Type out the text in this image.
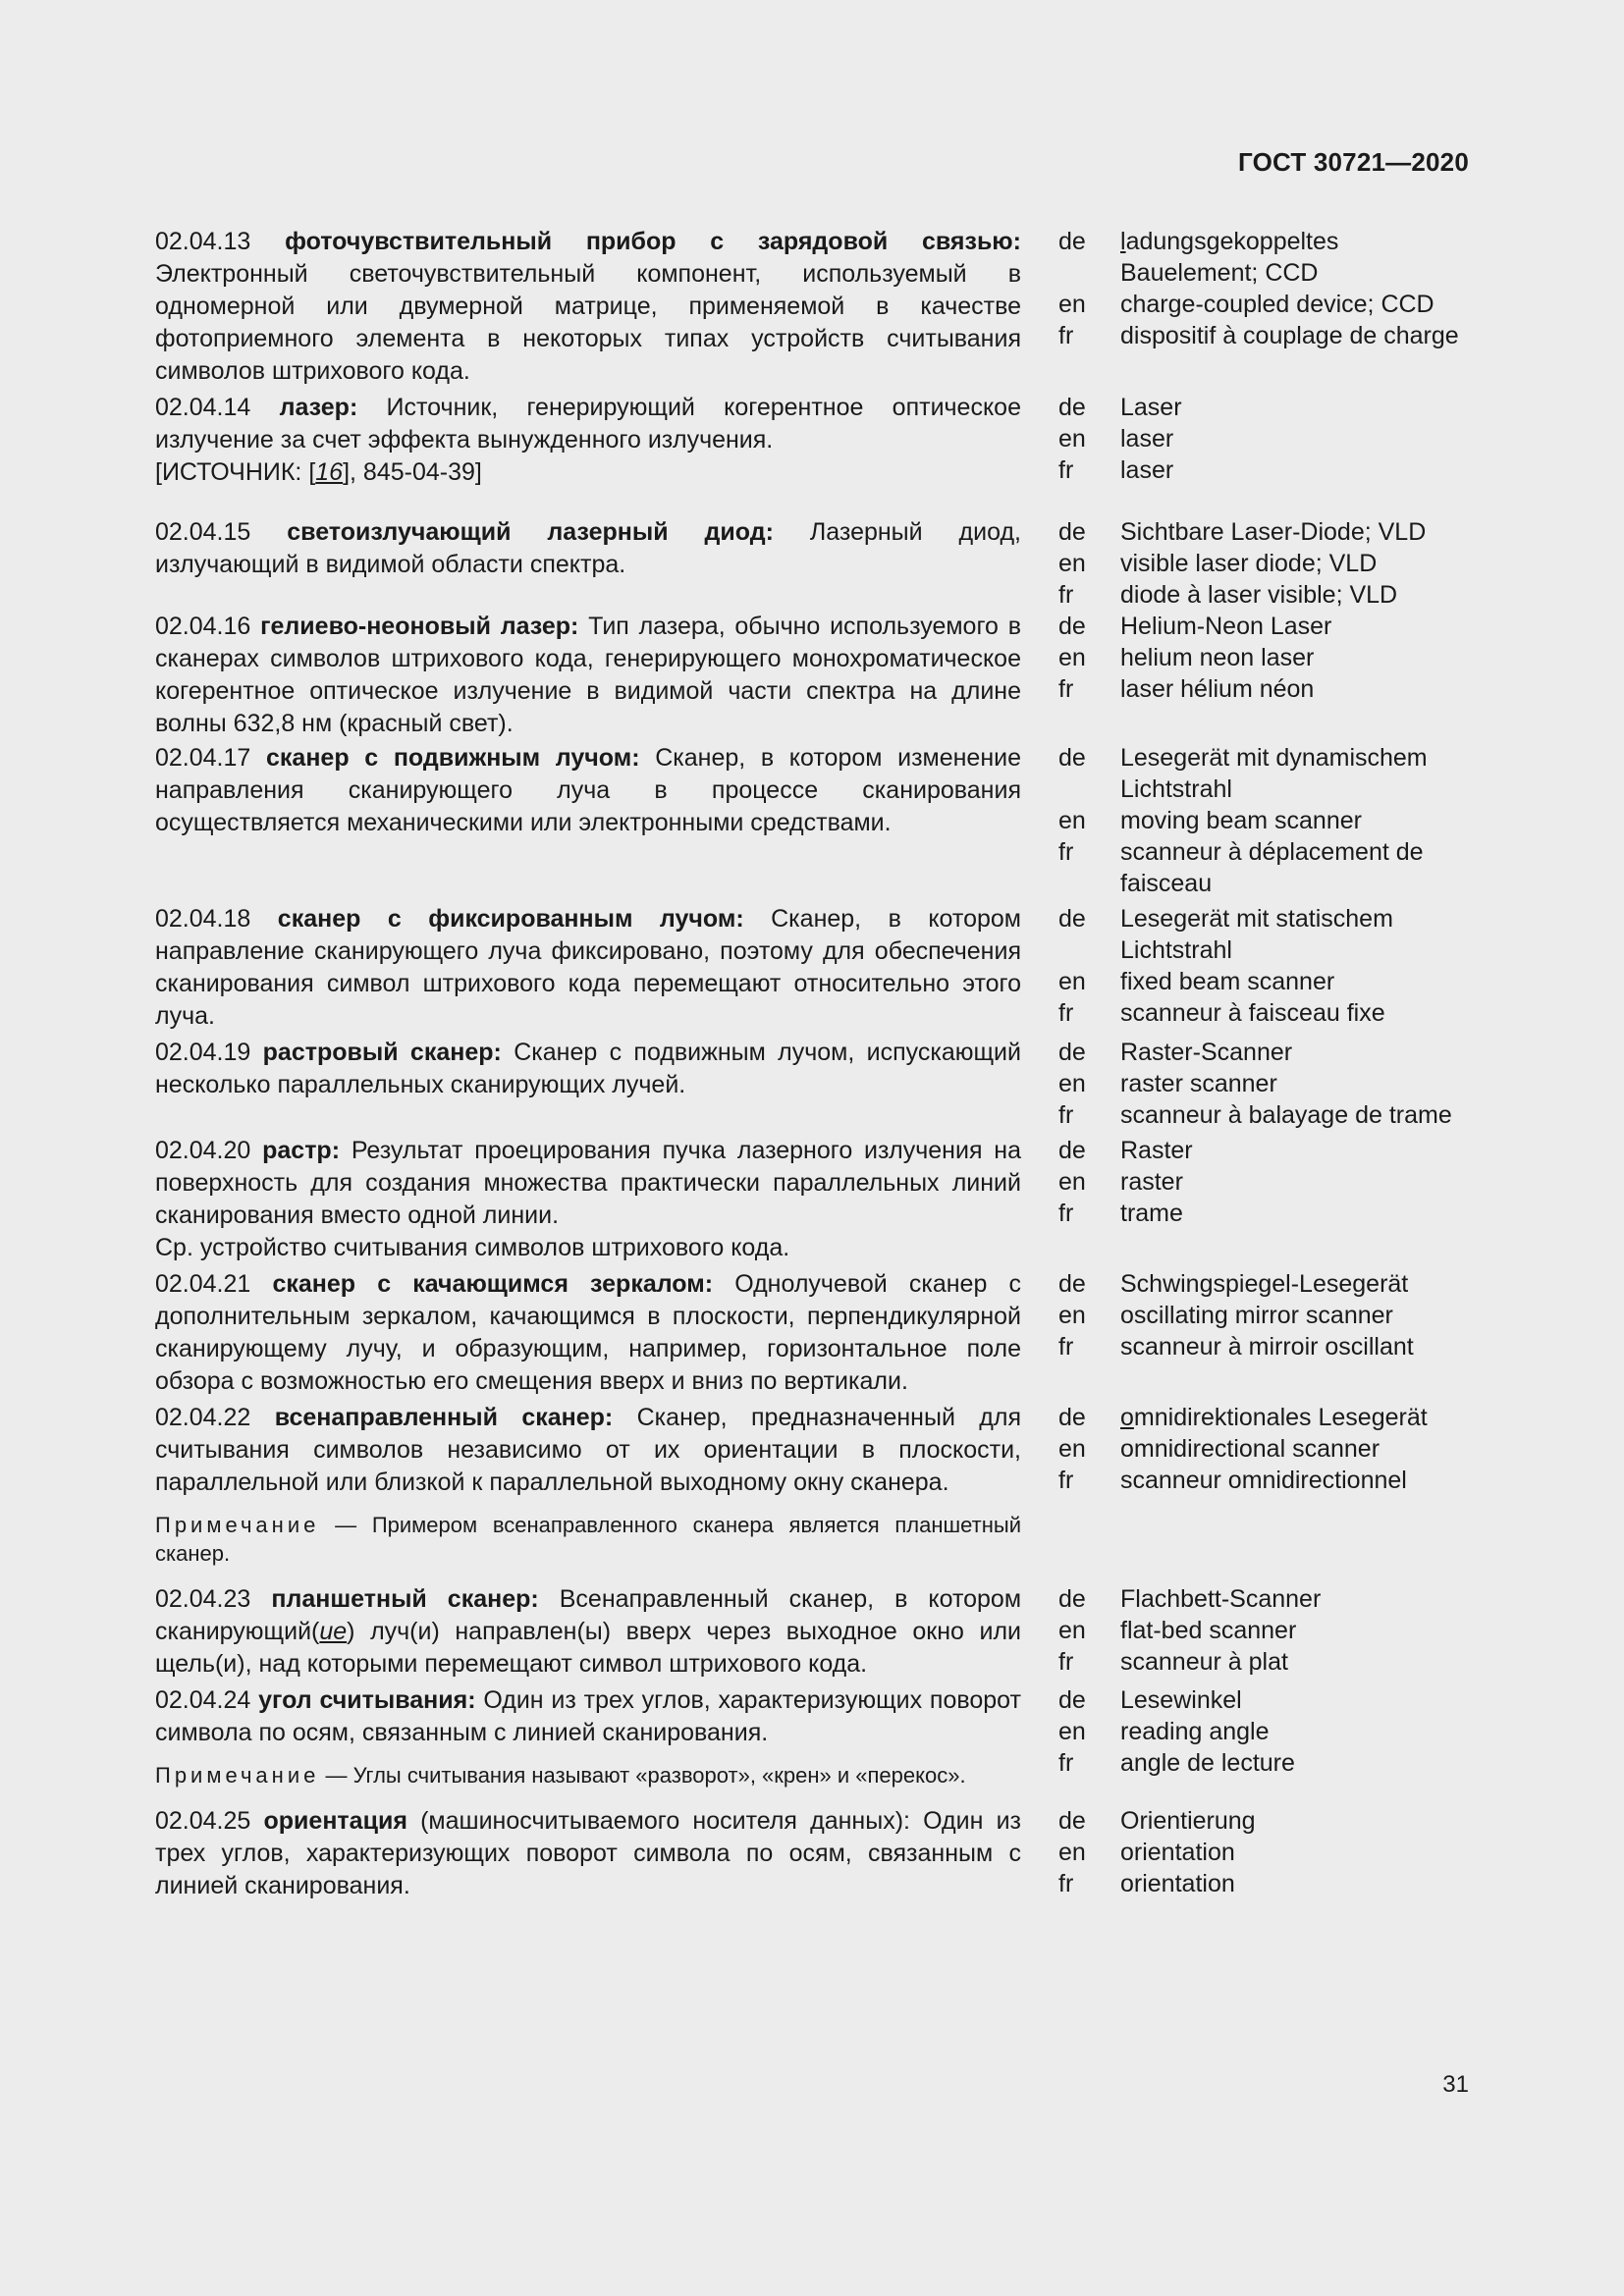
ГОСТ 30721—2020
02.04.13 фоточувствительный прибор с зарядовой связью: Электронный светочувствительный компонент, используемый в одномерной или двумерной матрице, применяемой в качестве фотоприемного элемента в некоторых типах устройств считывания символов штрихового кода.
de	ladungsgekoppeltes Bauelement; CCD
en	charge-coupled device; CCD
fr	dispositif à couplage de charge
02.04.14 лазер: Источник, генерирующий когерентное оптическое излучение за счет эффекта вынужденного излучения.
[ИСТОЧНИК: [16], 845-04-39]
de	Laser
en	laser
fr	laser
02.04.15 светоизлучающий лазерный диод: Лазерный диод, излучающий в видимой области спектра.
de	Sichtbare Laser-Diode; VLD
en	visible laser diode; VLD
fr	diode à laser visible; VLD
02.04.16 гелиево-неоновый лазер: Тип лазера, обычно используемого в сканерах символов штрихового кода, генерирующего монохроматическое когерентное оптическое излучение в видимой части спектра на длине волны 632,8 нм (красный свет).
de	Helium-Neon Laser
en	helium neon laser
fr	laser hélium néon
02.04.17 сканер с подвижным лучом: Сканер, в котором изменение направления сканирующего луча в процессе сканирования осуществляется механическими или электронными средствами.
de	Lesegerät mit dynamischem Lichtstrahl
en	moving beam scanner
fr	scanneur à déplacement de faisceau
02.04.18 сканер с фиксированным лучом: Сканер, в котором направление сканирующего луча фиксировано, поэтому для обеспечения сканирования символ штрихового кода перемещают относительно этого луча.
de	Lesegerät mit statischem Lichtstrahl
en	fixed beam scanner
fr	scanneur à faisceau fixe
02.04.19 растровый сканер: Сканер с подвижным лучом, испускающий несколько параллельных сканирующих лучей.
de	Raster-Scanner
en	raster scanner
fr	scanneur à balayage de trame
02.04.20 растр: Результат проецирования пучка лазерного излучения на поверхность для создания множества практически параллельных линий сканирования вместо одной линии.
Ср. устройство считывания символов штрихового кода.
de	Raster
en	raster
fr	trame
02.04.21 сканер с качающимся зеркалом: Однолучевой сканер с дополнительным зеркалом, качающимся в плоскости, перпендикулярной сканирующему лучу, и образующим, например, горизонтальное поле обзора с возможностью его смещения вверх и вниз по вертикали.
de	Schwingspiegel-Lesegerät
en	oscillating mirror scanner
fr	scanneur à mirroir oscillant
02.04.22 всенаправленный сканер: Сканер, предназначенный для считывания символов независимо от их ориентации в плоскости, параллельной или близкой к параллельной выходному окну сканера.
Примечание — Примером всенаправленного сканера является планшетный сканер.
de	omnidirektionales Lesegerät
en	omnidirectional scanner
fr	scanneur omnidirectionnel
02.04.23 планшетный сканер: Всенаправленный сканер, в котором сканирующий(ие) луч(и) направлен(ы) вверх через выходное окно или щель(и), над которыми перемещают символ штрихового кода.
de	Flachbett-Scanner
en	flat-bed scanner
fr	scanneur à plat
02.04.24 угол считывания: Один из трех углов, характеризующих поворот символа по осям, связанным с линией сканирования.
Примечание — Углы считывания называют «разворот», «крен» и «перекос».
de	Lesewinkel
en	reading angle
fr	angle de lecture
02.04.25 ориентация (машиносчитываемого носителя данных): Один из трех углов, характеризующих поворот символа по осям, связанным с линией сканирования.
de	Orientierung
en	orientation
fr	orientation
31
